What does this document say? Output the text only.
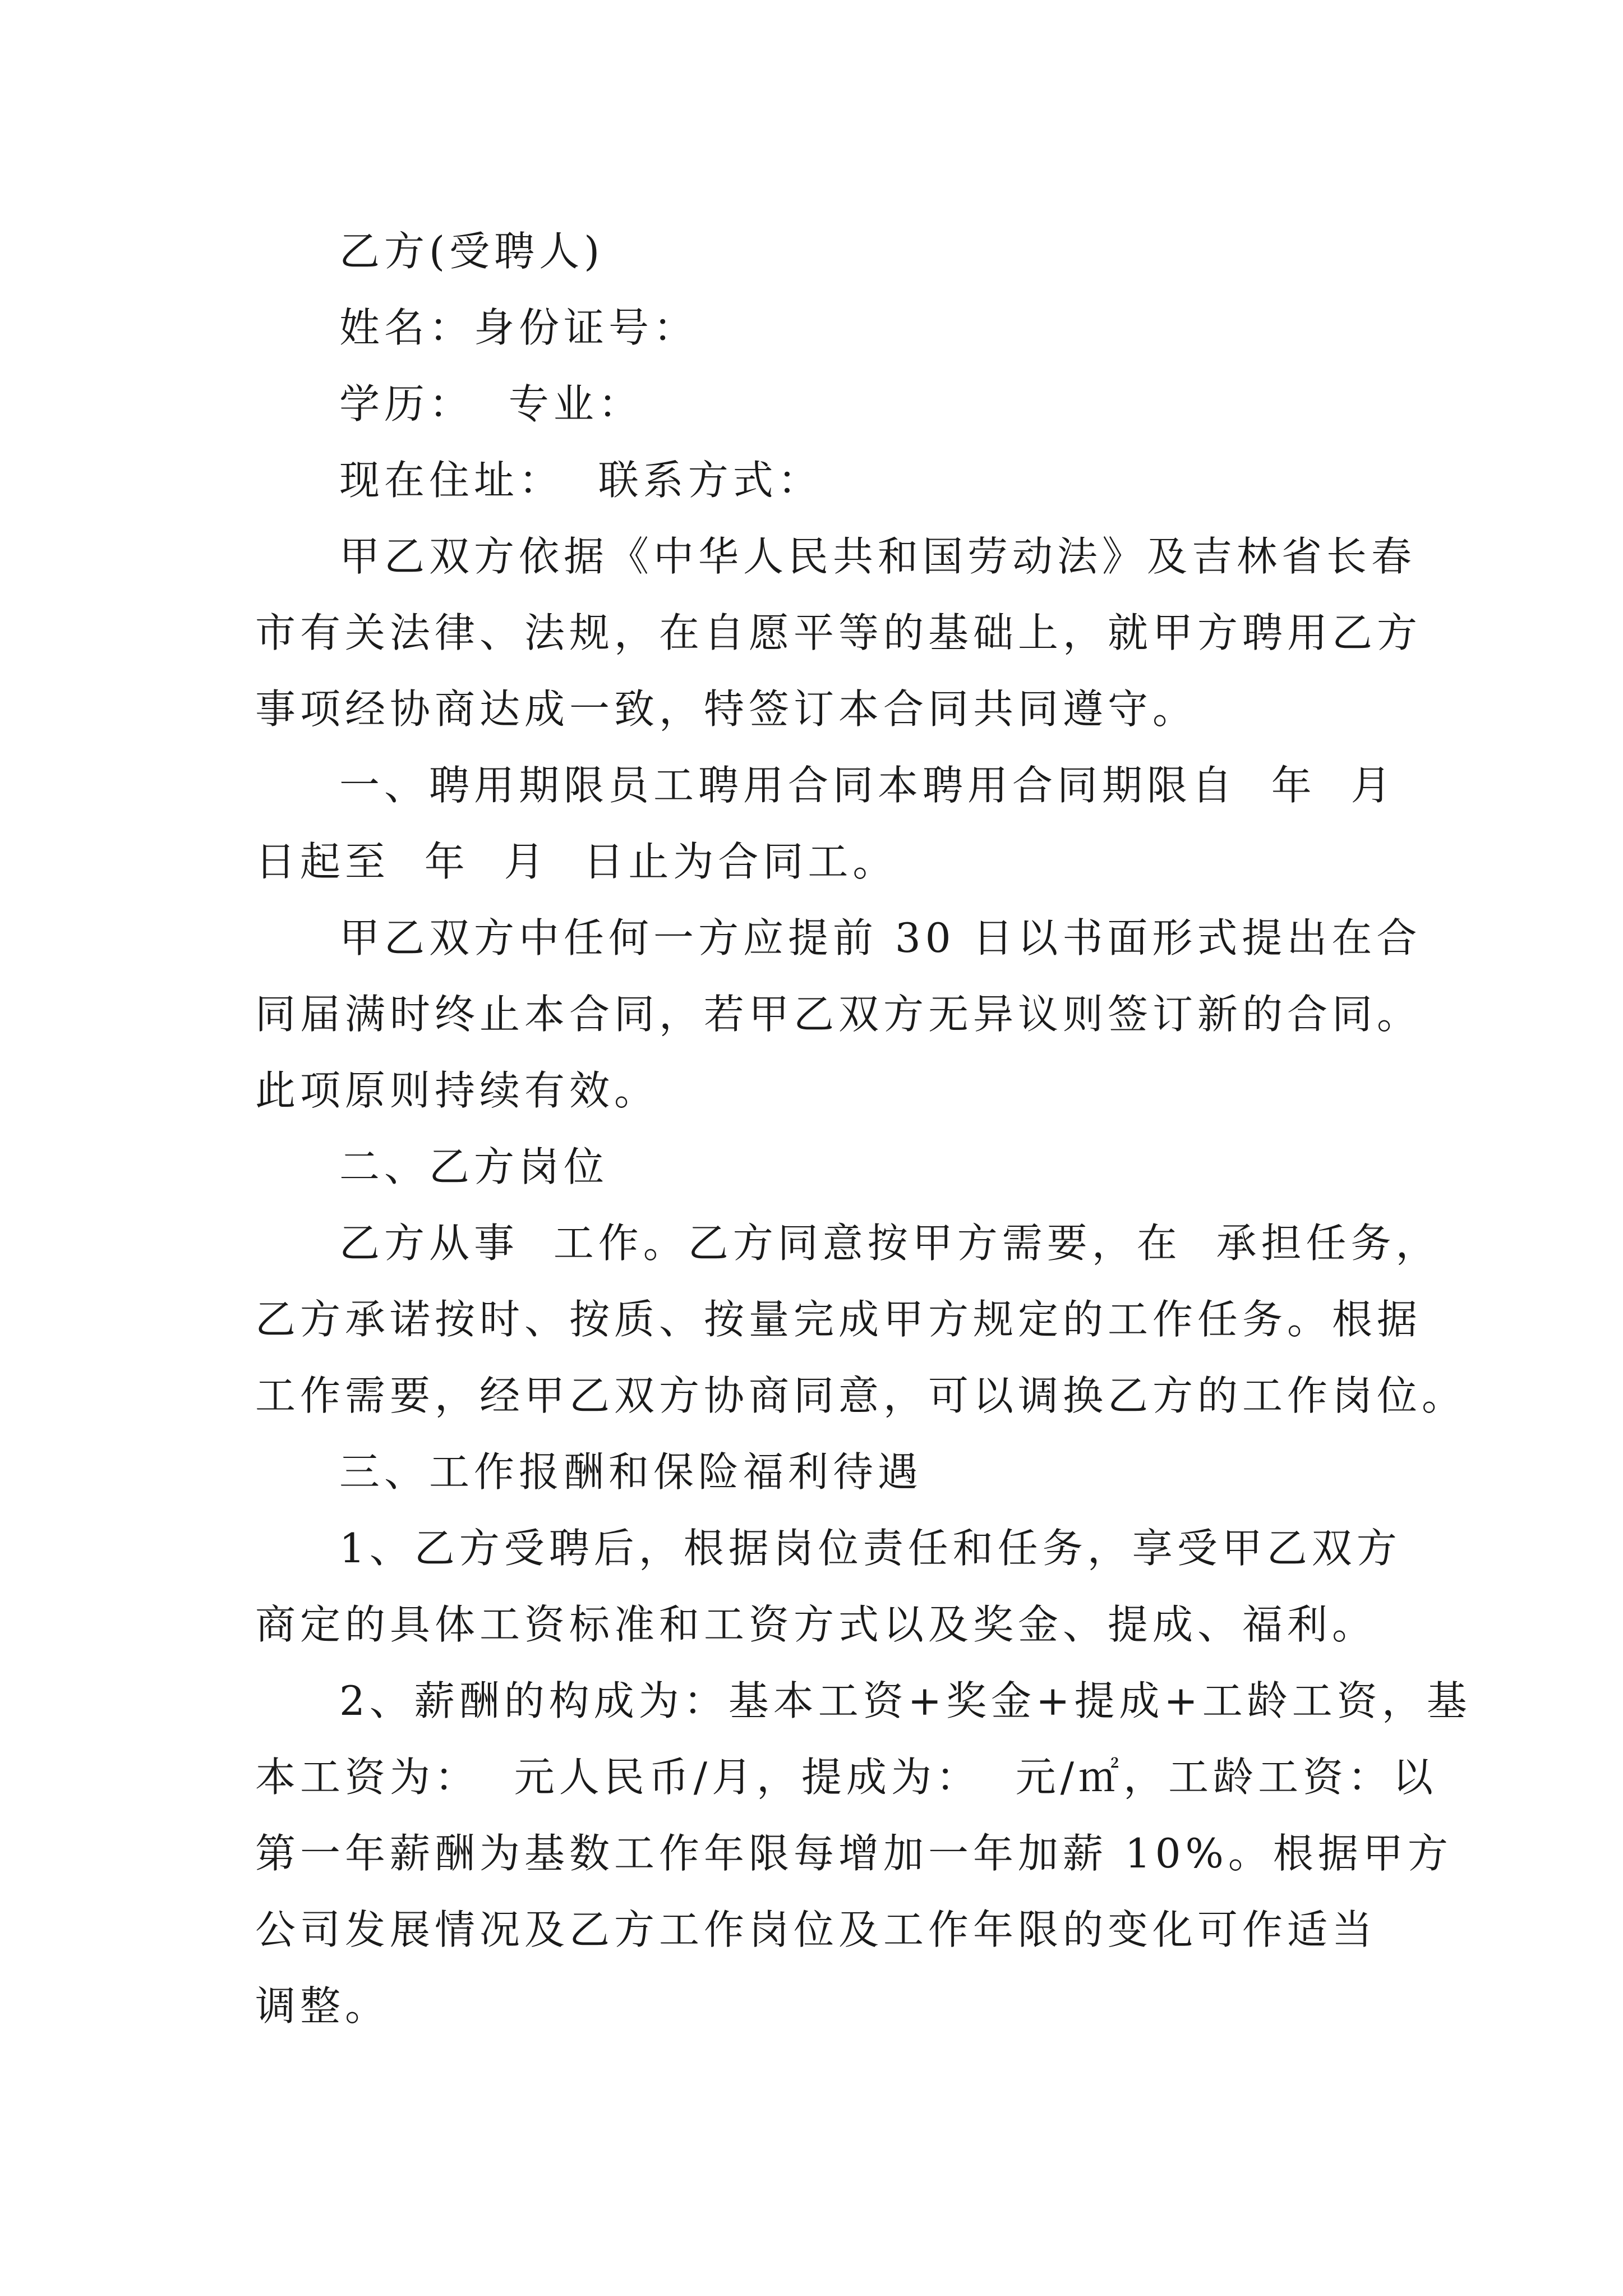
乙方(受聘人)

姓名：身份证号：

学历：  专业：

现在住址：  联系方式：

甲乙双方依据《中华人民共和国劳动法》及吉林省长春

市有关法律、法规，在自愿平等的基础上，就甲方聘用乙方

事项经协商达成一致，特签订本合同共同遵守。

一、聘用期限员工聘用合同本聘用合同期限自  年  月

日起至  年  月  日止为合同工。

甲乙双方中任何一方应提前 30 日以书面形式提出在合

同届满时终止本合同，若甲乙双方无异议则签订新的合同。

此项原则持续有效。

二、乙方岗位

乙方从事  工作。乙方同意按甲方需要，在  承担任务，

乙方承诺按时、按质、按量完成甲方规定的工作任务。根据

工作需要，经甲乙双方协商同意，可以调换乙方的工作岗位。

三、工作报酬和保险福利待遇

1、乙方受聘后，根据岗位责任和任务，享受甲乙双方

商定的具体工资标准和工资方式以及奖金、提成、福利。

2、薪酬的构成为：基本工资+奖金+提成+工龄工资，基

本工资为：  元人民币/月，提成为：  元/㎡，工龄工资：以

第一年薪酬为基数工作年限每增加一年加薪 10%。根据甲方

公司发展情况及乙方工作岗位及工作年限的变化可作适当

调整。
